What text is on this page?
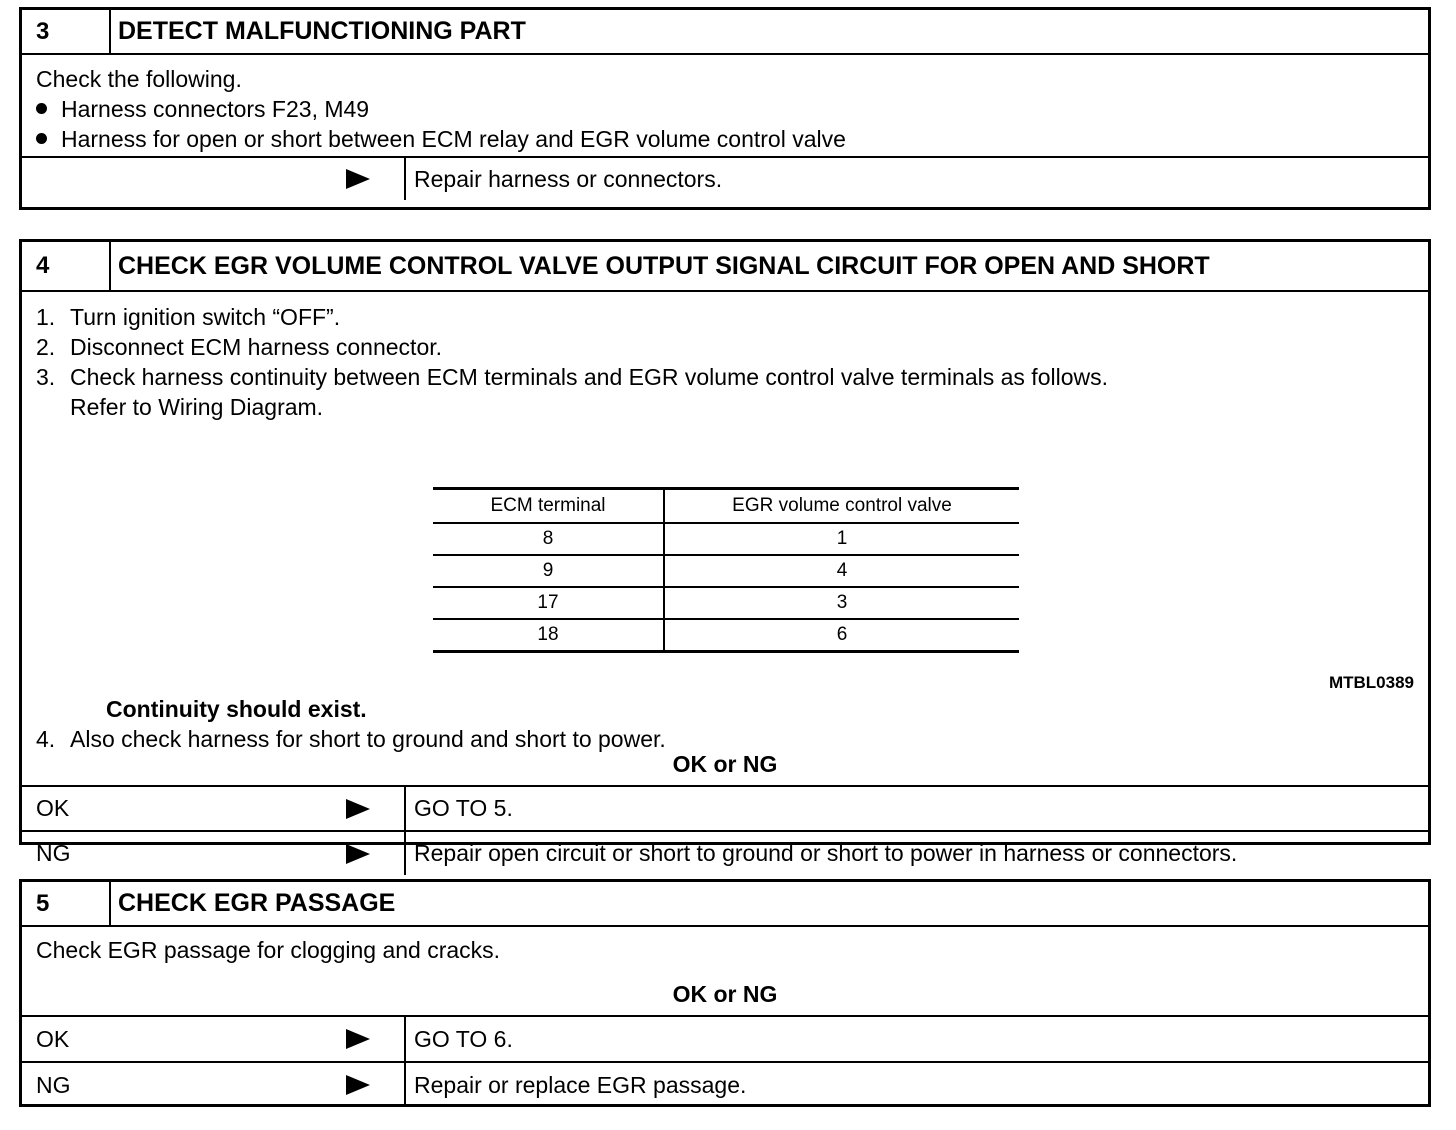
3	DETECT MALFUNCTIONING PART
Check the following.
Harness connectors F23, M49
Harness for open or short between ECM relay and EGR volume control valve
Repair harness or connectors.
4	CHECK EGR VOLUME CONTROL VALVE OUTPUT SIGNAL CIRCUIT FOR OPEN AND SHORT
1. Turn ignition switch “OFF”.
2. Disconnect ECM harness connector.
3. Check harness continuity between ECM terminals and EGR volume control valve terminals as follows.
Refer to Wiring Diagram.
ECM terminal	EGR volume control valve
8	1
9	4
17	3
18	6
MTBL0389
Continuity should exist.
4. Also check harness for short to ground and short to power.
OK or NG
OK	GO TO 5.
NG	Repair open circuit or short to ground or short to power in harness or connectors.
5	CHECK EGR PASSAGE
Check EGR passage for clogging and cracks.
OK or NG
OK	GO TO 6.
NG	Repair or replace EGR passage.
